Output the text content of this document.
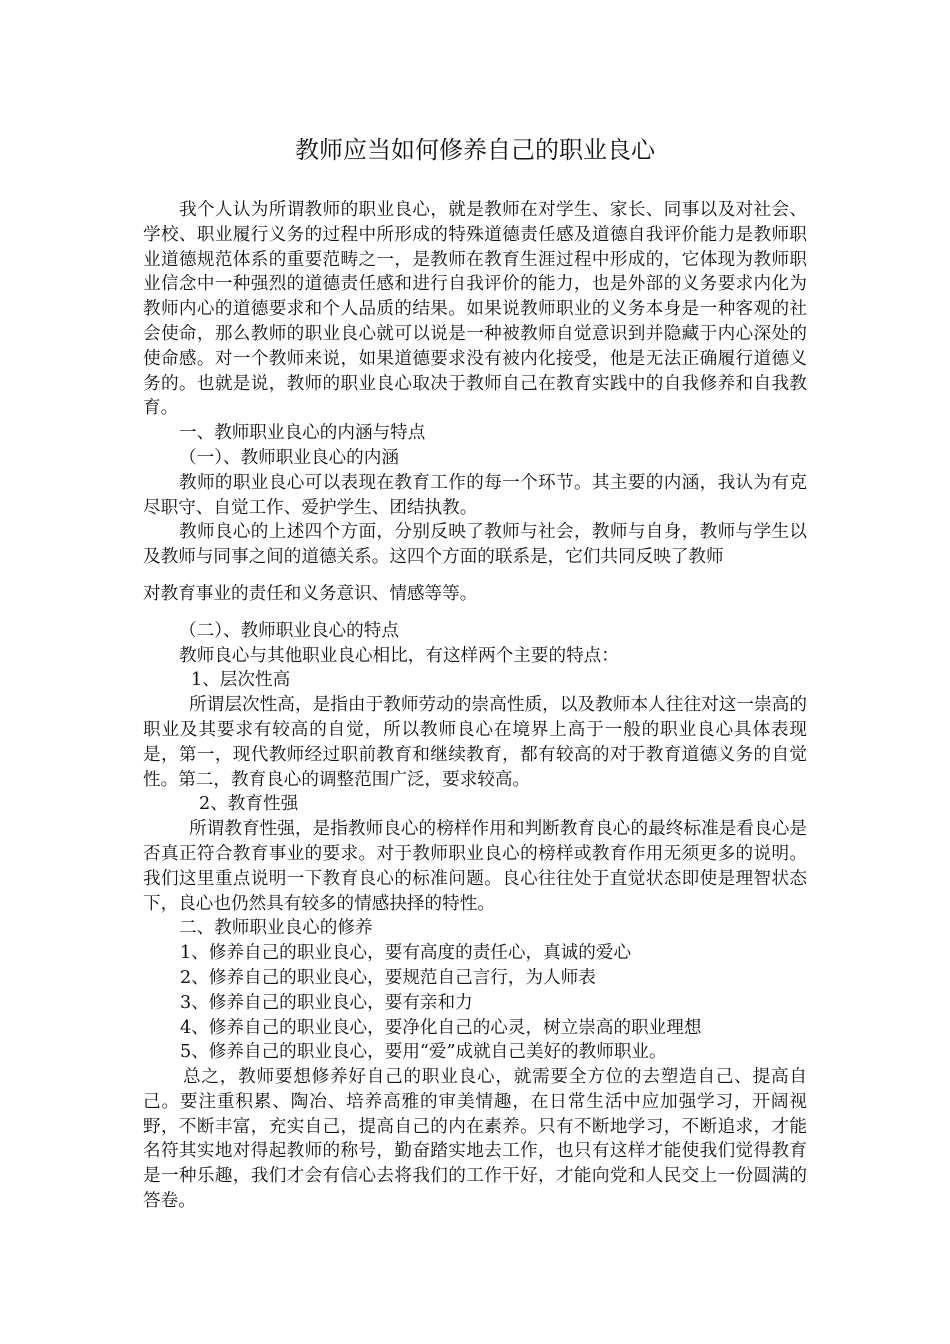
教师应当如何修养自己的职业良心

我个人认为所谓教师的职业良心，就是教师在对学生、家长、同事以及对社会、学校、职业履行义务的过程中所形成的特殊道德责任感及道德自我评价能力是教师职业道德规范体系的重要范畴之一，是教师在教育生涯过程中形成的，它体现为教师职业信念中一种强烈的道德责任感和进行自我评价的能力，也是外部的义务要求内化为教师内心的道德要求和个人品质的结果。如果说教师职业的义务本身是一种客观的社会使命，那么教师的职业良心就可以说是一种被教师自觉意识到并隐藏于内心深处的使命感。对一个教师来说，如果道德要求没有被内化接受，他是无法正确履行道德义务的。也就是说，教师的职业良心取决于教师自己在教育实践中的自我修养和自我教育。

一、教师职业良心的内涵与特点

（一）、教师职业良心的内涵

教师的职业良心可以表现在教育工作的每一个环节。其主要的内涵，我认为有克尽职守、自觉工作、爱护学生、团结执教。

教师良心的上述四个方面，分别反映了教师与社会，教师与自身，教师与学生以及教师与同事之间的道德关系。这四个方面的联系是，它们共同反映了教师

对教育事业的责任和义务意识、情感等等。

（二）、教师职业良心的特点

教师良心与其他职业良心相比，有这样两个主要的特点：

1、层次性高

所谓层次性高，是指由于教师劳动的崇高性质，以及教师本人往往对这一崇高的职业及其要求有较高的自觉，所以教师良心在境界上高于一般的职业良心具体表现是，第一，现代教师经过职前教育和继续教育，都有较高的对于教育道德义务的自觉性。第二，教育良心的调整范围广泛，要求较高。

2、教育性强

所谓教育性强，是指教师良心的榜样作用和判断教育良心的最终标准是看良心是否真正符合教育事业的要求。对于教师职业良心的榜样或教育作用无须更多的说明。我们这里重点说明一下教育良心的标准问题。良心往往处于直觉状态即使是理智状态下，良心也仍然具有较多的情感抉择的特性。

二、教师职业良心的修养

1、修养自己的职业良心，要有高度的责任心，真诚的爱心

2、修养自己的职业良心，要规范自己言行，为人师表

3、修养自己的职业良心，要有亲和力

4、修养自己的职业良心，要净化自己的心灵，树立崇高的职业理想

5、修养自己的职业良心，要用“爱”成就自己美好的教师职业。

总之，教师要想修养好自己的职业良心，就需要全方位的去塑造自己、提高自己。要注重积累、陶冶、培养高雅的审美情趣，在日常生活中应加强学习，开阔视野，不断丰富，充实自己，提高自己的内在素养。只有不断地学习，不断追求，才能名符其实地对得起教师的称号，勤奋踏实地去工作，也只有这样才能使我们觉得教育是一种乐趣，我们才会有信心去将我们的工作干好，才能向党和人民交上一份圆满的答卷。
